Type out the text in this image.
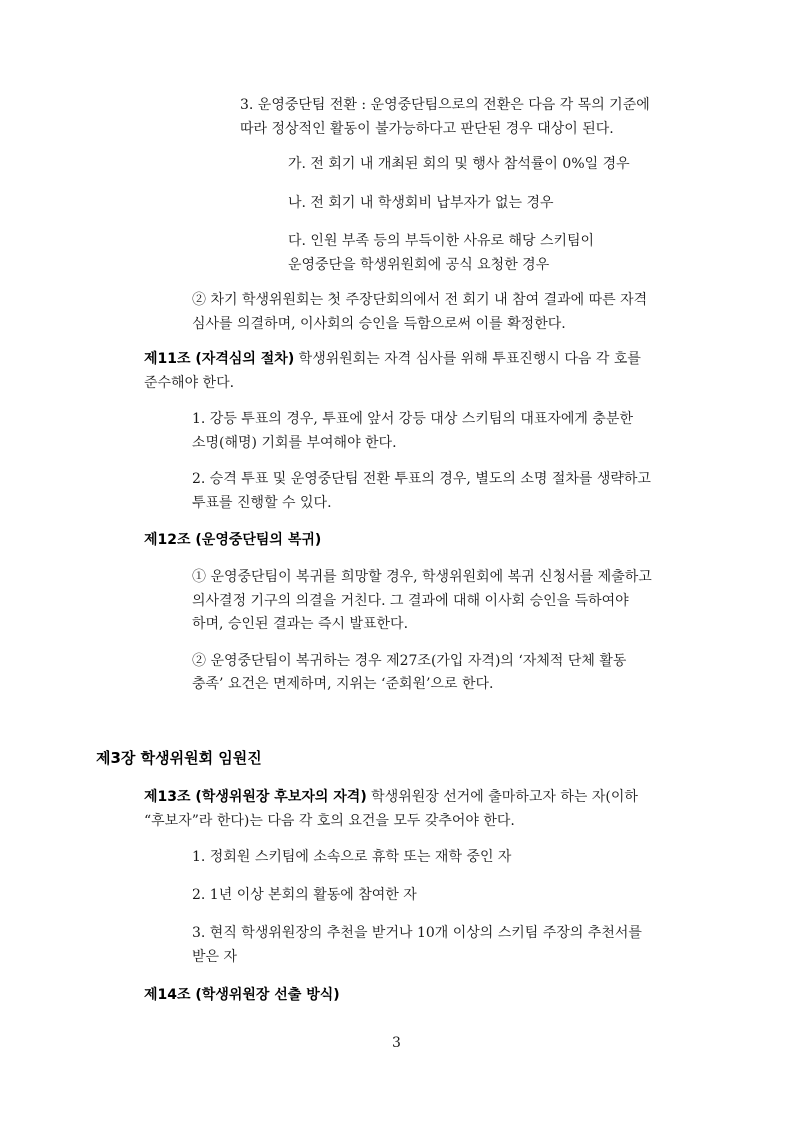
3. 운영중단팀 전환 : 운영중단팀으로의 전환은 다음 각 목의 기준에

따라 정상적인 활동이 불가능하다고 판단된 경우 대상이 된다.

가. 전 회기 내 개최된 회의 및 행사 참석률이 0%일 경우

나. 전 회기 내 학생회비 납부자가 없는 경우

다. 인원 부족 등의 부득이한 사유로 해당 스키팀이

운영중단을 학생위원회에 공식 요청한 경우

② 차기 학생위원회는 첫 주장단회의에서 전 회기 내 참여 결과에 따른 자격

심사를 의결하며, 이사회의 승인을 득함으로써 이를 확정한다.

제11조 (자격심의 절차) 학생위원회는 자격 심사를 위해 투표진행시 다음 각 호를

준수해야 한다.

1. 강등 투표의 경우, 투표에 앞서 강등 대상 스키팀의 대표자에게 충분한

소명(해명) 기회를 부여해야 한다.

2. 승격 투표 및 운영중단팀 전환 투표의 경우, 별도의 소명 절차를 생략하고

투표를 진행할 수 있다.

제12조 (운영중단팀의 복귀)

① 운영중단팀이 복귀를 희망할 경우, 학생위원회에 복귀 신청서를 제출하고

의사결정 기구의 의결을 거친다. 그 결과에 대해 이사회 승인을 득하여야

하며, 승인된 결과는 즉시 발표한다.

② 운영중단팀이 복귀하는 경우 제27조(가입 자격)의 ‘자체적 단체 활동

충족’ 요건은 면제하며, 지위는 ‘준회원’으로 한다.

제3장 학생위원회 임원진

제13조 (학생위원장 후보자의 자격) 학생위원장 선거에 출마하고자 하는 자(이하

“후보자”라 한다)는 다음 각 호의 요건을 모두 갖추어야 한다.

1. 정회원 스키팀에 소속으로 휴학 또는 재학 중인 자

2. 1년 이상 본회의 활동에 참여한 자

3. 현직 학생위원장의 추천을 받거나 10개 이상의 스키팀 주장의 추천서를

받은 자

제14조 (학생위원장 선출 방식)

3
